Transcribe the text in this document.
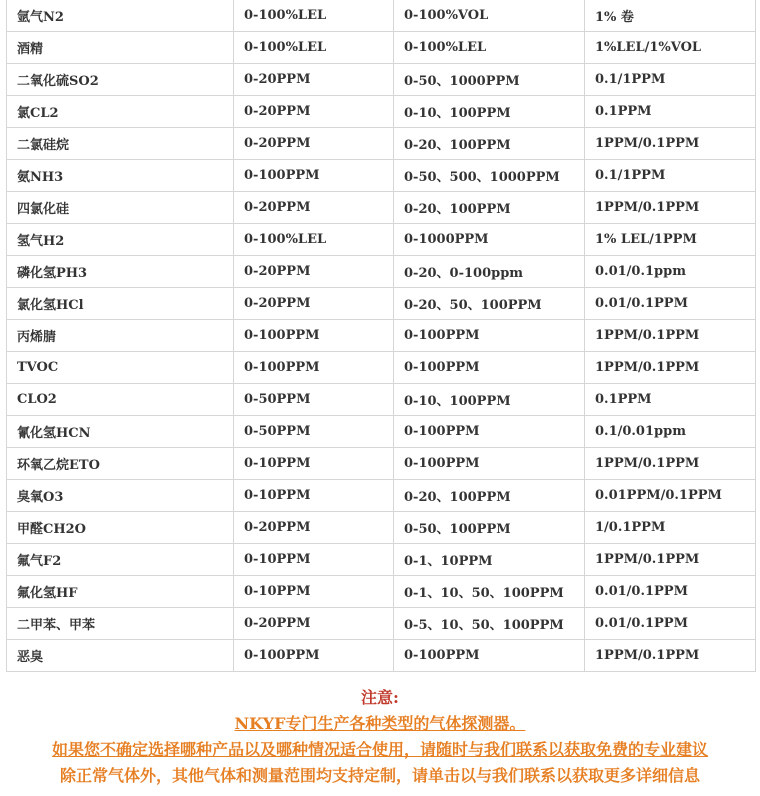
氩气N2	0-100%LEL	0-100%VOL	1% 卷
酒精	0-100%LEL	0-100%LEL	1%LEL/1%VOL
二氧化硫SO2	0-20PPM	0-50、1000PPM	0.1/1PPM
氯CL2	0-20PPM	0-10、100PPM	0.1PPM
二氯硅烷	0-20PPM	0-20、100PPM	1PPM/0.1PPM
氨NH3	0-100PPM	0-50、500、1000PPM	0.1/1PPM
四氯化硅	0-20PPM	0-20、100PPM	1PPM/0.1PPM
氢气H2	0-100%LEL	0-1000PPM	1% LEL/1PPM
磷化氢PH3	0-20PPM	0-20、0-100ppm	0.01/0.1ppm
氯化氢HCl	0-20PPM	0-20、50、100PPM	0.01/0.1PPM
丙烯腈	0-100PPM	0-100PPM	1PPM/0.1PPM
TVOC	0-100PPM	0-100PPM	1PPM/0.1PPM
CLO2	0-50PPM	0-10、100PPM	0.1PPM
氰化氢HCN	0-50PPM	0-100PPM	0.1/0.01ppm
环氧乙烷ETO	0-10PPM	0-100PPM	1PPM/0.1PPM
臭氧O3	0-10PPM	0-20、100PPM	0.01PPM/0.1PPM
甲醛CH2O	0-20PPM	0-50、100PPM	1/0.1PPM
氟气F2	0-10PPM	0-1、10PPM	1PPM/0.1PPM
氟化氢HF	0-10PPM	0-1、10、50、100PPM	0.01/0.1PPM
二甲苯、甲苯	0-20PPM	0-5、10、50、100PPM	0.01/0.1PPM
恶臭	0-100PPM	0-100PPM	1PPM/0.1PPM

注意:

NKYF专门生产各种类型的气体探测器。

如果您不确定选择哪种产品以及哪种情况适合使用，请随时与我们联系以获取免费的专业建议

除正常气体外，其他气体和测量范围均支持定制，请单击以与我们联系以获取更多详细信息
